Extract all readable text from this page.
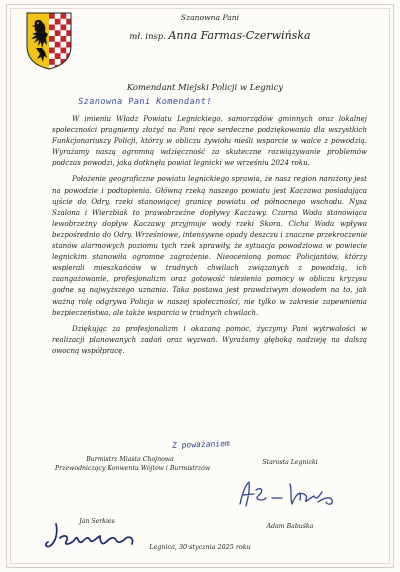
Szanowna Pani
mł. insp. Anna Farmas-Czerwińska
Komendant Miejski Policji w Legnicy
Szanowna Pani Komendant!

W imieniu Władz Powiatu Legnickiego, samorządów gminnych oraz lokalnej społeczności pragniemy złożyć na Pani ręce serdeczne podziękowania dla wszystkich Funkcjonariuszy Policji, którzy w obliczu żywiołu nieśli wsparcie w walce z powodzią. Wyrażamy naszą ogromną wdzięczność za skuteczne rozwiązywanie problemów podczas powodzi, jaka dotknęła powiat legnicki we wrześniu 2024 roku.

Położenie geograficzne powiatu legnickiego sprawia, że nasz region narażony jest na powodzie i podtopienia. Główną rzeką naszego powiatu jest Kaczawa posiadająca ujście do Odry, rzeki stanowiącej granicę powiatu od północnego wschodu. Nysa Szalona i Wierzbiak to prawobrzeżne dopływy Kaczawy. Czarna Woda stanowiąca lewobrzeżny dopływ Kaczawy przyjmuje wody rzeki Skora. Cicha Woda wpływa bezpośrednio do Odry. Wrześniowe, intensywne opady deszczu i znaczne przekroczenie stanów alarmowych poziomu tych rzek sprawiły, że sytuacja powodziowa w powiecie legnickim stanowiła ogromne zagrożenie. Nieocenioną pomoc Policjantów, którzy wspierali mieszkańców w trudnych chwilach związanych z powodzią, ich zaangażowanie, profesjonalizm oraz gotowość niesienia pomocy w obliczu kryzysu godne są najwyższego uznania. Taka postawa jest prawdziwym dowodem na to, jak ważną rolę odgrywa Policja w naszej społeczności, nie tylko w zakresie zapewnienia bezpieczeństwa, ale także wsparcia w trudnych chwilach.

Dziękując za profesjonalizm i okazaną pomoc, życzymy Pani wytrwałości w realizacji planowanych zadań oraz wyzwań. Wyrażamy głęboką nadzieję na dalszą owocną współpracę.

Z poważaniem
Burmistrz Miasta Chojnowa
Przewodniczący Konwentu Wójtów i Burmistrzów
Starosta Legnicki
Jan Serkies
Adam Babuśka
Legnica, 30 stycznia 2025 roku
